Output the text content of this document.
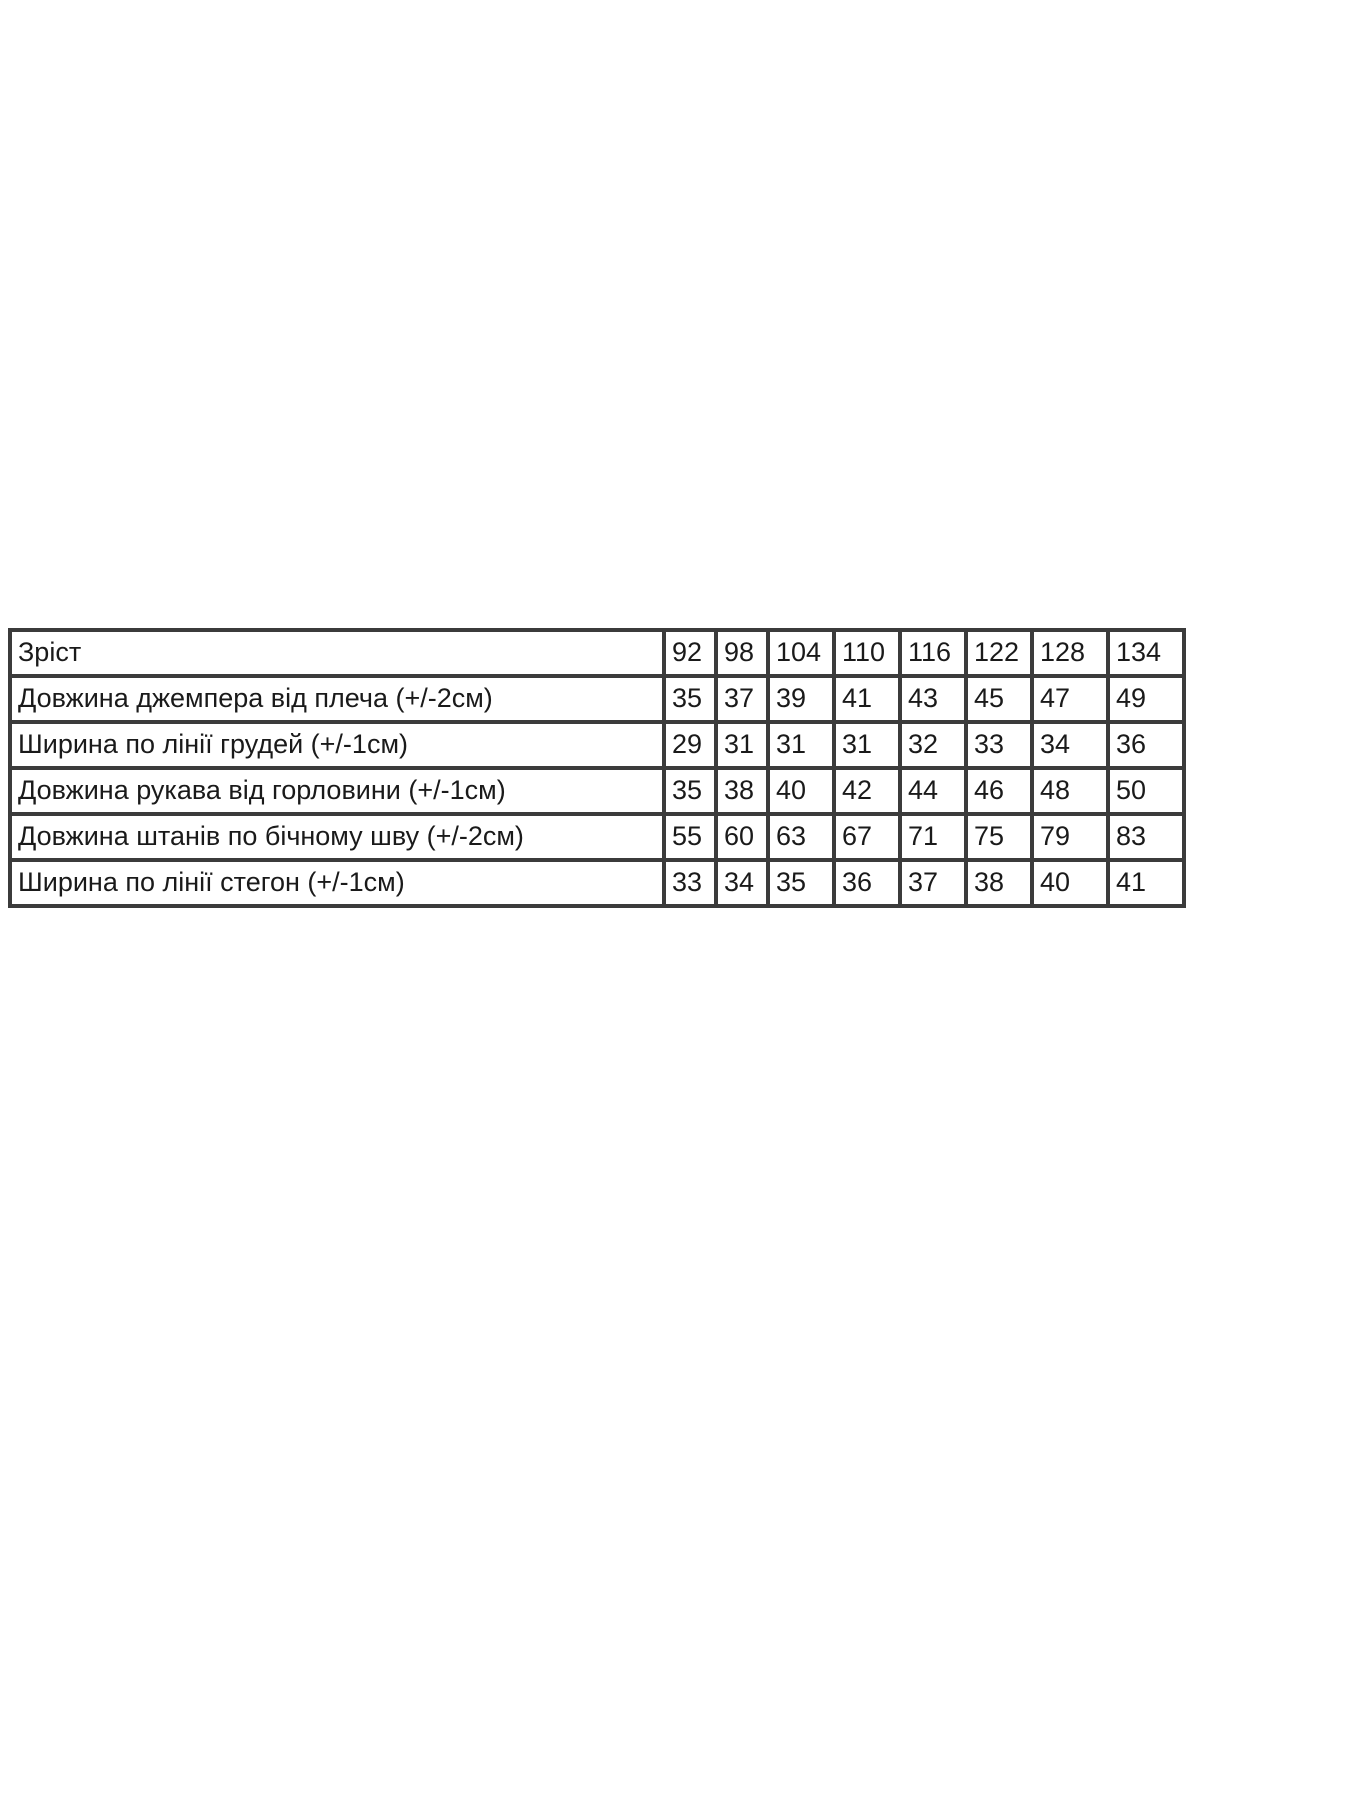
Зріст	92	98	104	110	116	122	128	134
Довжина джемпера від плеча (+/-2см)	35	37	39	41	43	45	47	49
Ширина по лінії грудей (+/-1см)	29	31	31	31	32	33	34	36
Довжина рукава від горловини (+/-1см)	35	38	40	42	44	46	48	50
Довжина штанів по бічному шву (+/-2см)	55	60	63	67	71	75	79	83
Ширина по лінії стегон (+/-1см)	33	34	35	36	37	38	40	41
